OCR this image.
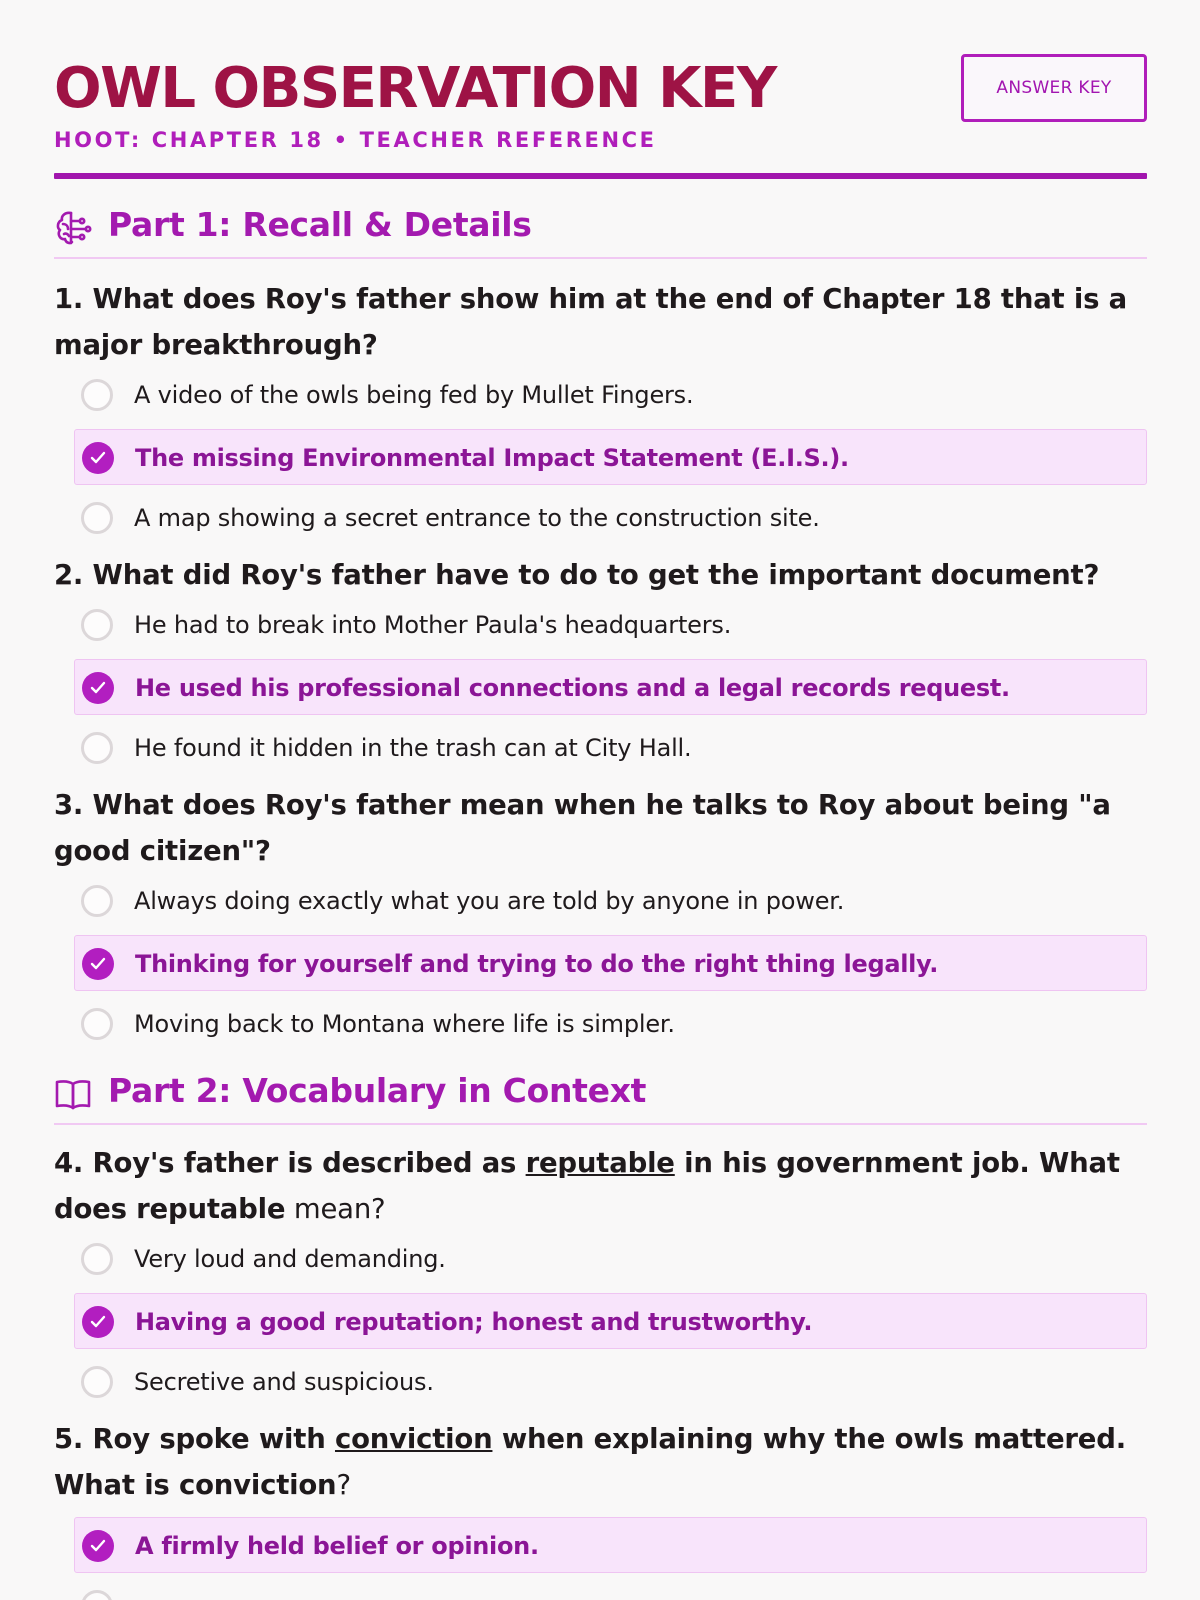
OWL OBSERVATION KEY
HOOT: CHAPTER 18 • TEACHER REFERENCE
ANSWER KEY
Part 1: Recall & Details

1. What does Roy's father show him at the end of Chapter 18 that is a major breakthrough?

A video of the owls being fed by Mullet Fingers.
The missing Environmental Impact Statement (E.I.S.).
A map showing a secret entrance to the construction site.

2. What did Roy's father have to do to get the important document?

He had to break into Mother Paula's headquarters.
He used his professional connections and a legal records request.
He found it hidden in the trash can at City Hall.

3. What does Roy's father mean when he talks to Roy about being "a good citizen"?

Always doing exactly what you are told by anyone in power.
Thinking for yourself and trying to do the right thing legally.
Moving back to Montana where life is simpler.
Part 2: Vocabulary in Context

4. Roy's father is described as reputable in his government job. What does reputable mean?

Very loud and demanding.
Having a good reputation; honest and trustworthy.
Secretive and suspicious.

5. Roy spoke with conviction when explaining why the owls mattered. What is conviction?

A firmly held belief or opinion.
